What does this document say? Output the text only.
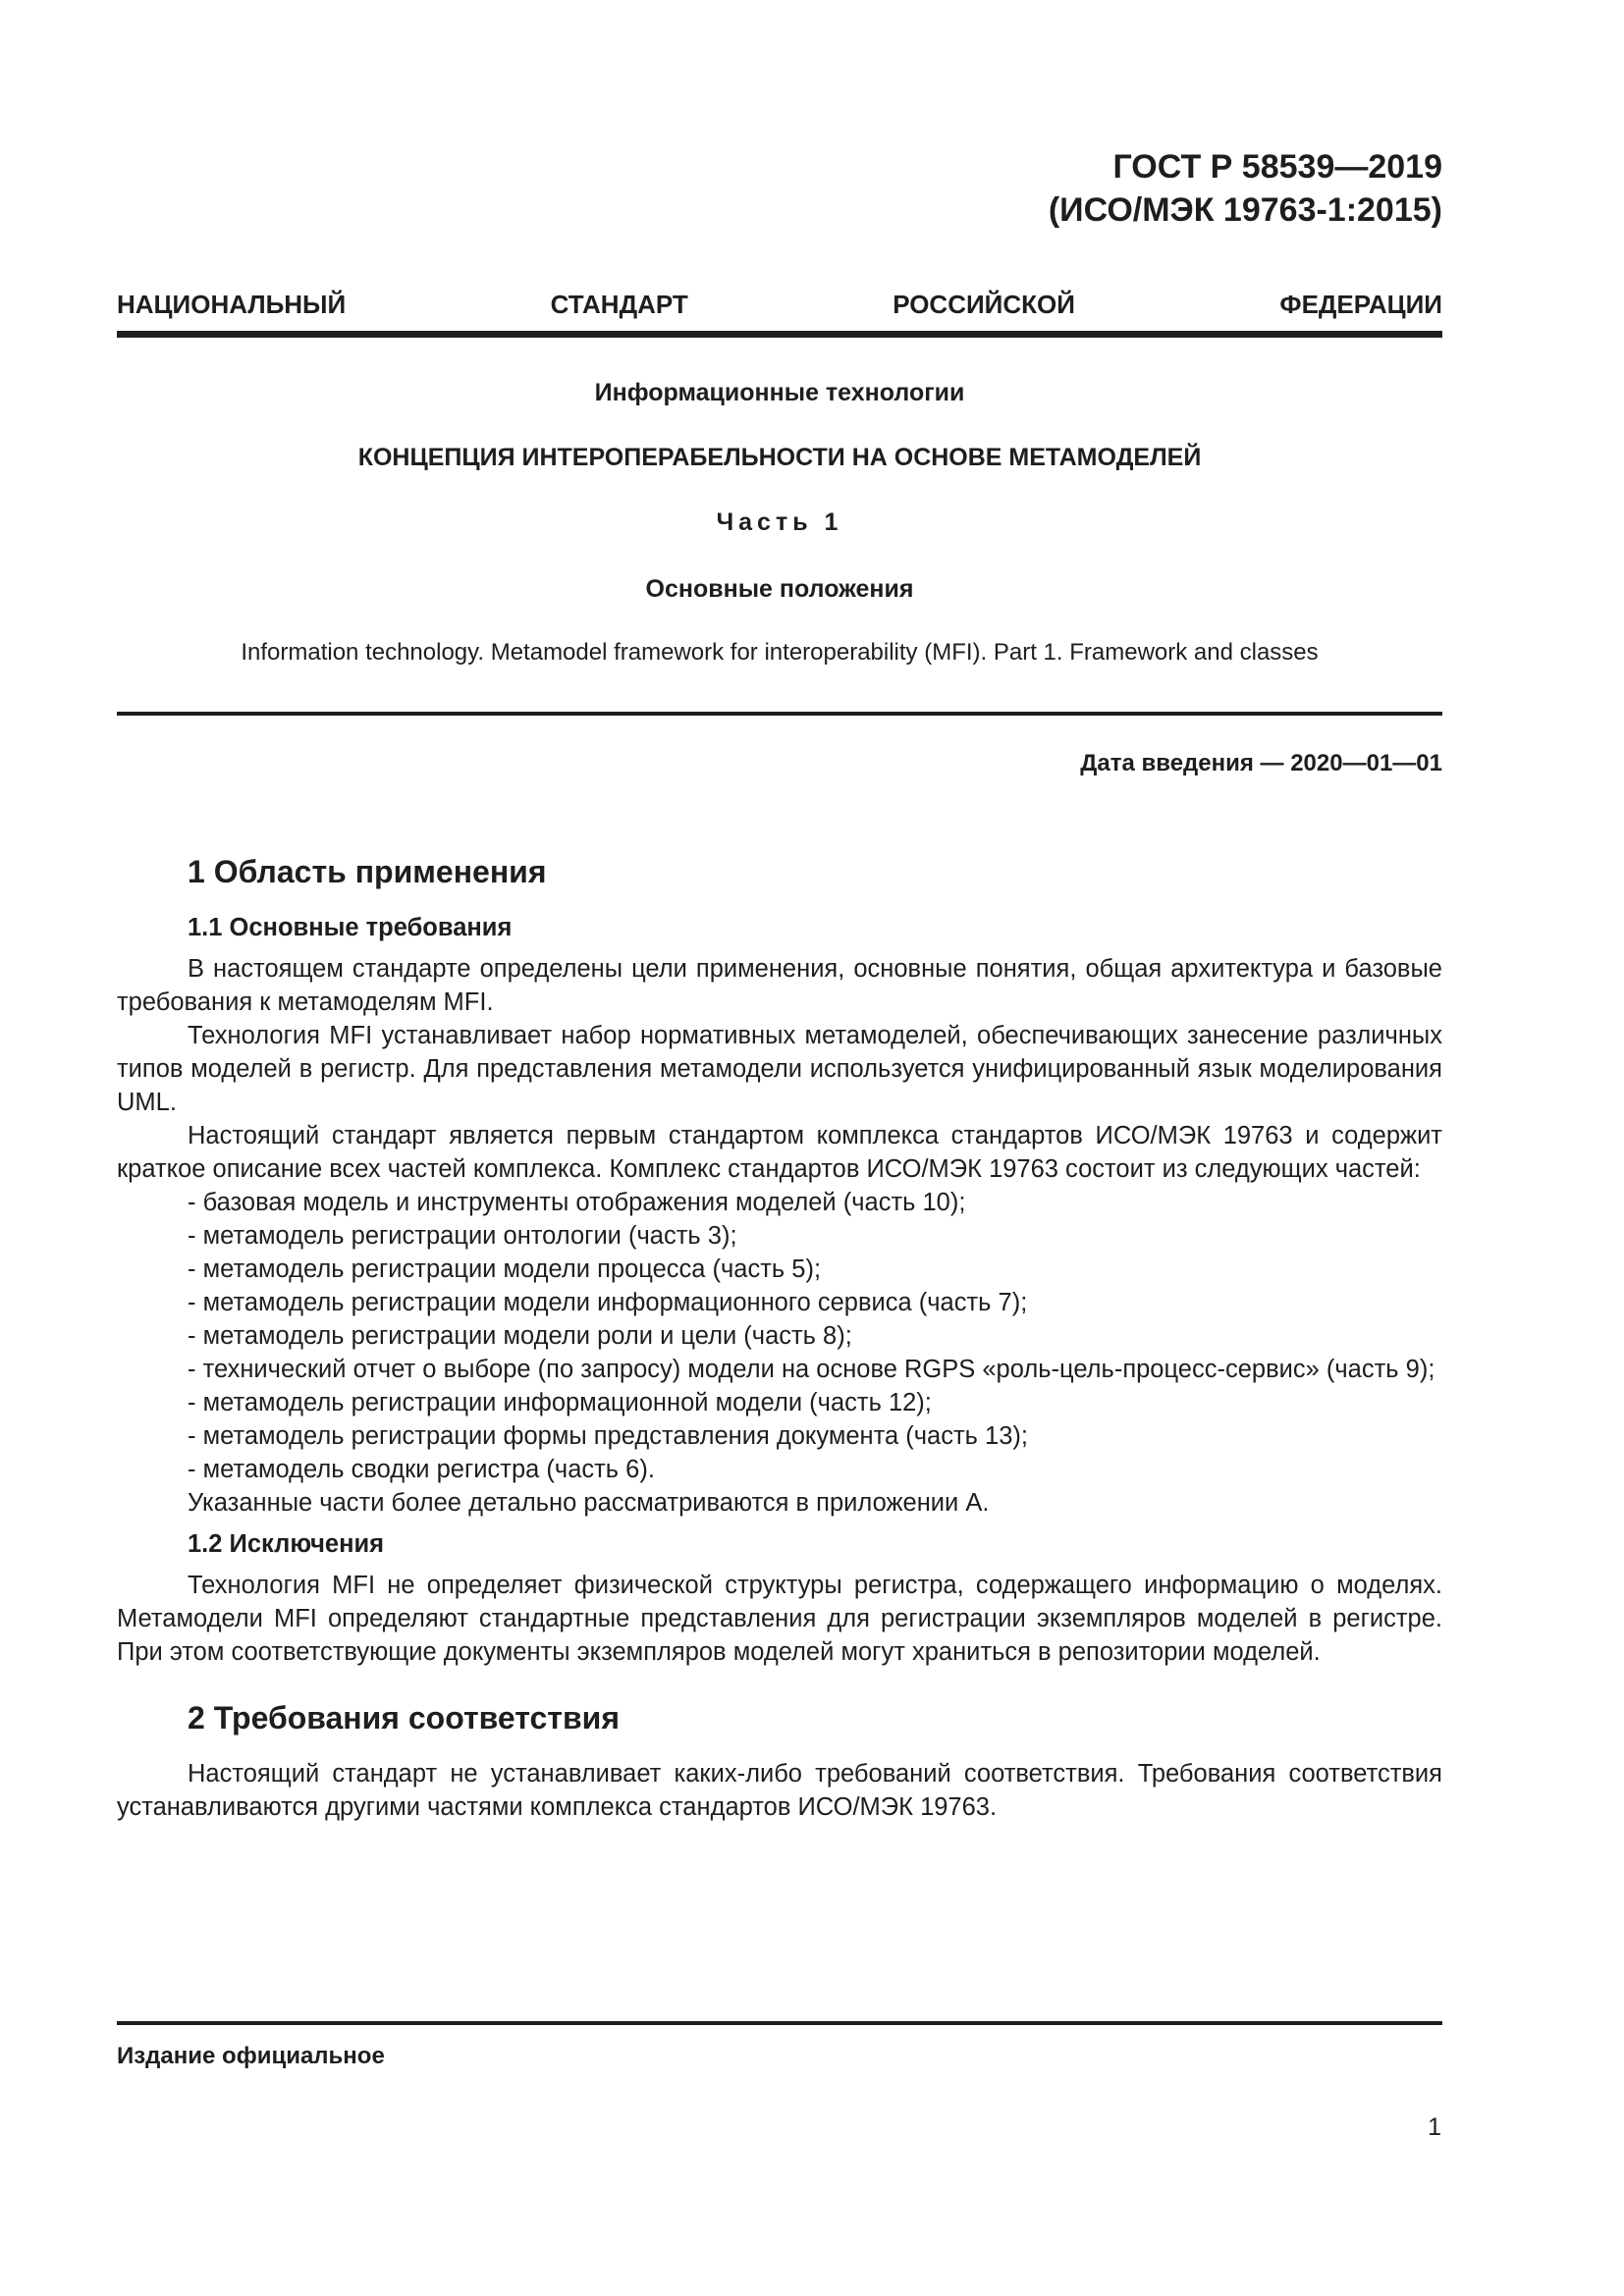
ГОСТ Р 58539—2019
(ИСО/МЭК 19763-1:2015)
НАЦИОНАЛЬНЫЙ	СТАНДАРТ	РОССИЙСКОЙ	ФЕДЕРАЦИИ
Информационные технологии
КОНЦЕПЦИЯ ИНТЕРОПЕРАБЕЛЬНОСТИ НА ОСНОВЕ МЕТАМОДЕЛЕЙ
Часть 1
Основные положения
Information technology. Metamodel framework for interoperability (MFI). Part 1. Framework and classes
Дата введения — 2020—01—01
1 Область применения
1.1 Основные требования

В настоящем стандарте определены цели применения, основные понятия, общая архитектура и базовые требования к метамоделям MFI.

Технология MFI устанавливает набор нормативных метамоделей, обеспечивающих занесение различных типов моделей в регистр. Для представления метамодели используется унифицированный язык моделирования UML.

Настоящий стандарт является первым стандартом комплекса стандартов ИСО/МЭК 19763 и содержит краткое описание всех частей комплекса. Комплекс стандартов ИСО/МЭК 19763 состоит из следующих частей:

- базовая модель и инструменты отображения моделей (часть 10);

- метамодель регистрации онтологии (часть 3);

- метамодель регистрации модели процесса (часть 5);

- метамодель регистрации модели информационного сервиса (часть 7);

- метамодель регистрации модели роли и цели (часть 8);

- технический отчет о выборе (по запросу) модели на основе RGPS «роль-цель-процесс-сервис» (часть 9);

- метамодель регистрации информационной модели (часть 12);

- метамодель регистрации формы представления документа (часть 13);

- метамодель сводки регистра (часть 6).

Указанные части более детально рассматриваются в приложении А.

1.2 Исключения

Технология MFI не определяет физической структуры регистра, содержащего информацию о моделях. Метамодели MFI определяют стандартные представления для регистрации экземпляров моделей в регистре. При этом соответствующие документы экземпляров моделей могут храниться в репозитории моделей.

2 Требования соответствия

Настоящий стандарт не устанавливает каких-либо требований соответствия. Требования соответствия устанавливаются другими частями комплекса стандартов ИСО/МЭК 19763.

Издание официальное
1
